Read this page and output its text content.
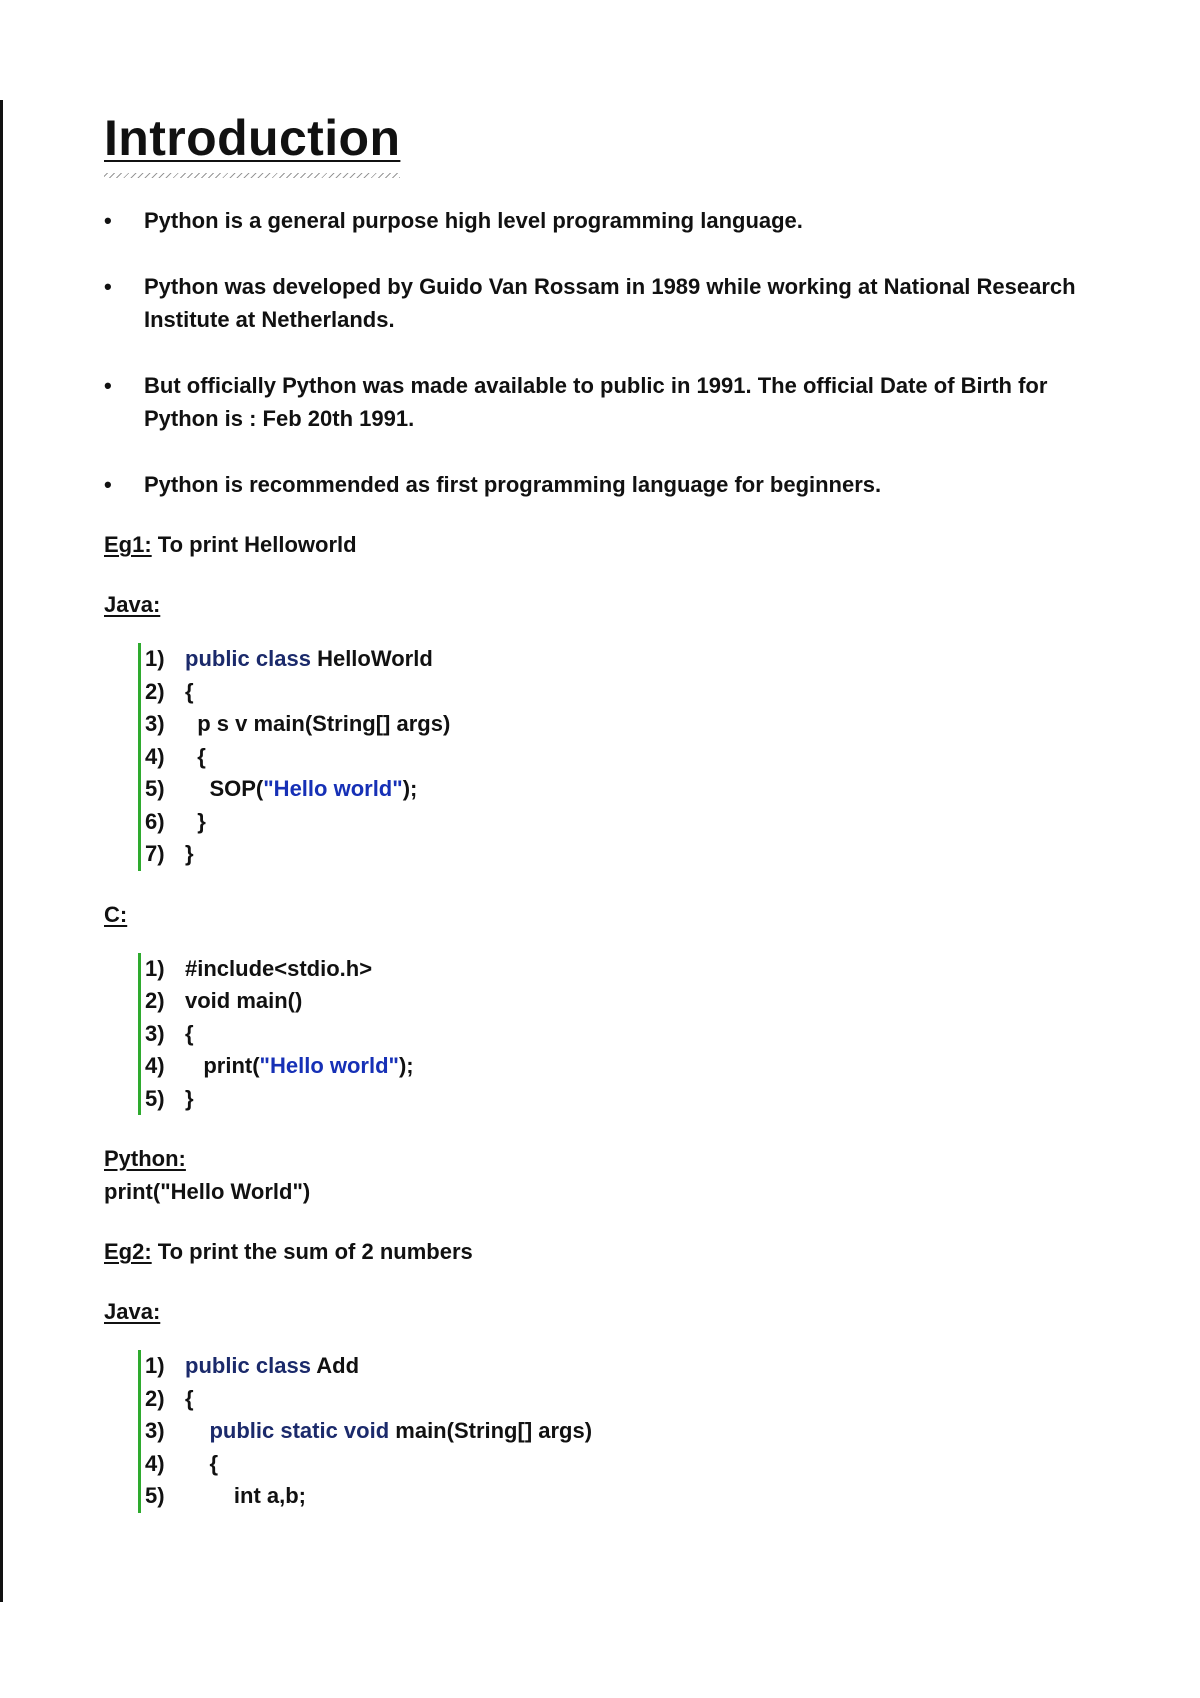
Introduction
• Python is a general purpose high level programming language.
• Python was developed by Guido Van Rossam in 1989 while working at National Research Institute at Netherlands.
• But officially Python was made available to public in 1991. The official Date of Birth for Python is : Feb 20th 1991.
• Python is recommended as first programming language for beginners.

Eg1: To print Helloworld

Java:

1) public class HelloWorld
2) {
3)	p s v main(String[] args)
4)	{
5)	SOP("Hello world");
6)	}
7) }

C:

1) #include<stdio.h>
2) void main()
3) {
4)	print("Hello world");
5) }

Python:

print("Hello World")

Eg2: To print the sum of 2 numbers

Java:

1) public class Add
2) {
3)	public static void main(String[] args)
4)	{
5)	int a,b;
